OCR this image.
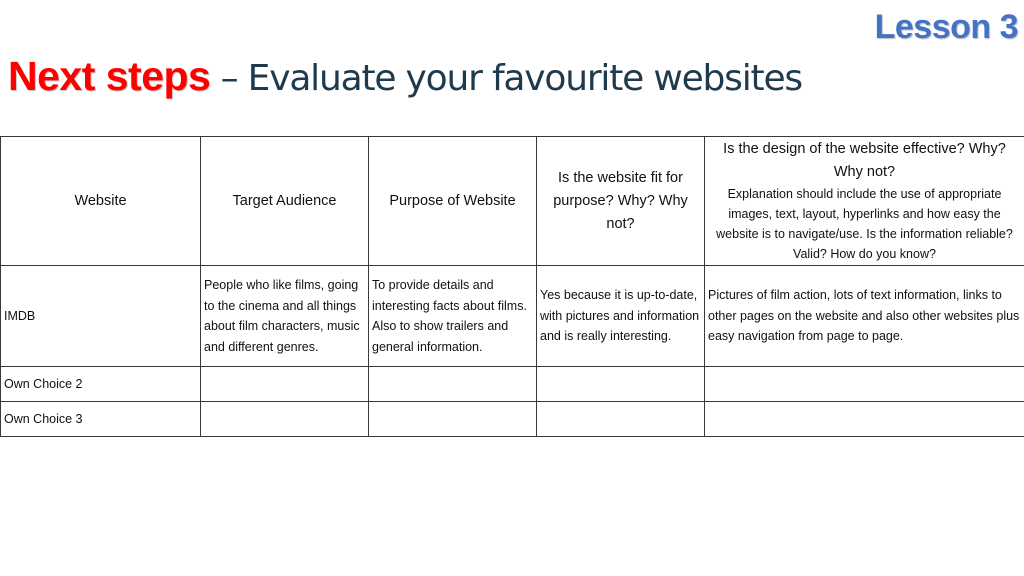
Lesson 3
Next steps – Evaluate your favourite websites
Website	Target Audience	Purpose of Website	Is the website fit for purpose? Why? Why not?	Is the design of the website effective? Why? Why not?
Explanation should include the use of appropriate images, text, layout, hyperlinks and how easy the website is to navigate/use. Is the information reliable? Valid? How do you know?

IMDB	People who like films, going to the cinema and all things about film characters, music and different genres.	To provide details and interesting facts about films. Also to show trailers and general information.	Yes because it is up-to-date, with pictures and information and is really interesting.	Pictures of film action, lots of text information, links to other pages on the website and also other websites plus easy navigation from page to page.
Own Choice 2				
Own Choice 3				
